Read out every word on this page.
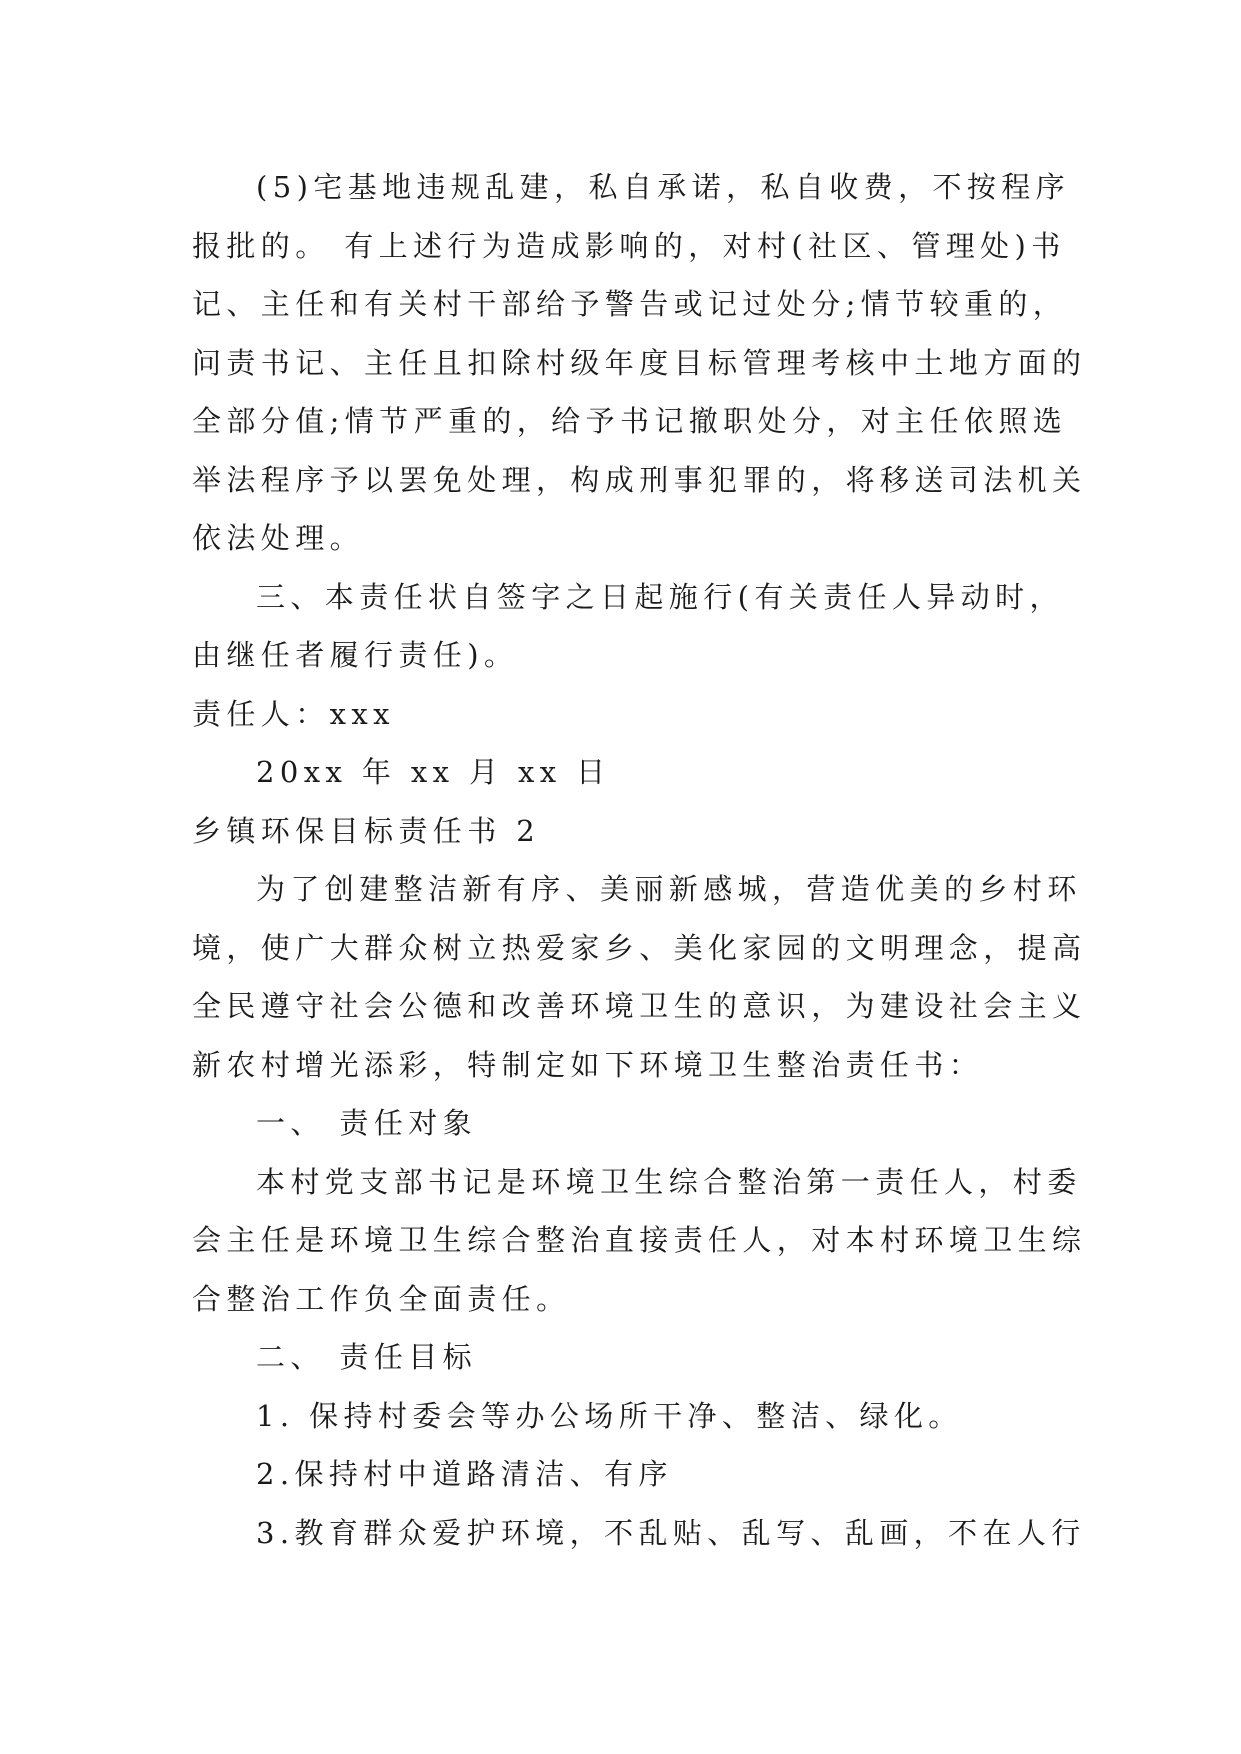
(5)宅基地违规乱建，私自承诺，私自收费，不按程序
报批的。 有上述行为造成影响的，对村(社区、管理处)书
记、主任和有关村干部给予警告或记过处分;情节较重的，
问责书记、主任且扣除村级年度目标管理考核中土地方面的
全部分值;情节严重的，给予书记撤职处分，对主任依照选
举法程序予以罢免处理，构成刑事犯罪的，将移送司法机关
依法处理。
三、本责任状自签字之日起施行(有关责任人异动时，
由继任者履行责任)。
责任人：xxx
20xx 年 xx 月 xx 日
乡镇环保目标责任书 2
为了创建整洁新有序、美丽新感城，营造优美的乡村环
境，使广大群众树立热爱家乡、美化家园的文明理念，提高
全民遵守社会公德和改善环境卫生的意识，为建设社会主义
新农村增光添彩，特制定如下环境卫生整治责任书：
一、 责任对象
本村党支部书记是环境卫生综合整治第一责任人，村委
会主任是环境卫生综合整治直接责任人，对本村环境卫生综
合整治工作负全面责任。
二、 责任目标
1. 保持村委会等办公场所干净、整洁、绿化。
2.保持村中道路清洁、有序
3.教育群众爱护环境，不乱贴、乱写、乱画，不在人行
